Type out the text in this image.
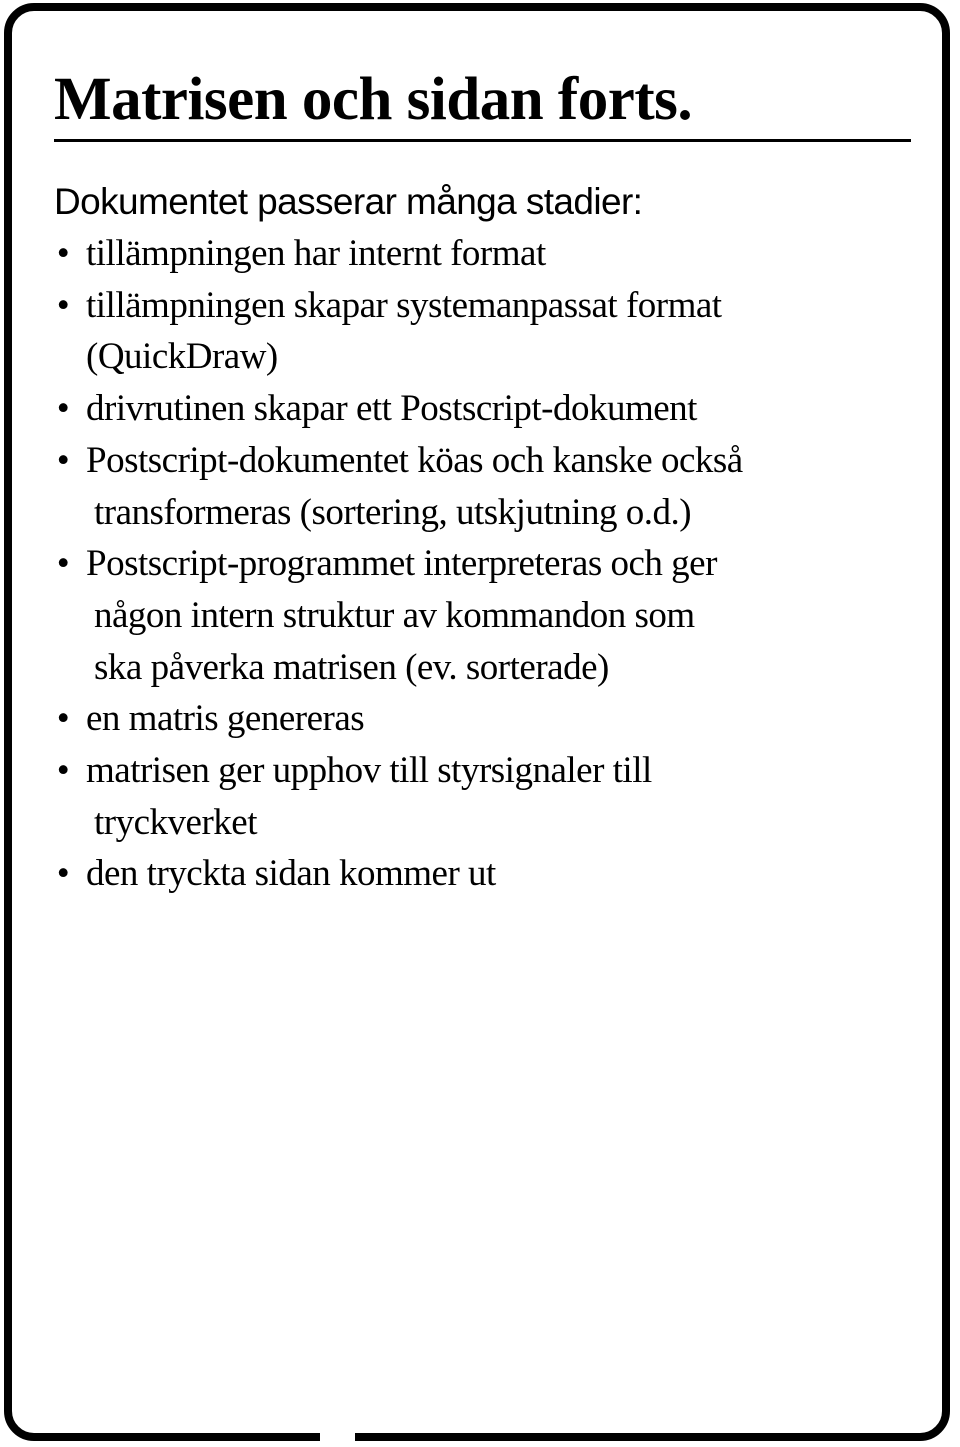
Matrisen och sidan forts.
Dokumentet passerar många stadier:
• tillämpningen har internt format
• tillämpningen skapar systemanpassat format
(QuickDraw)
• drivrutinen skapar ett Postscript-dokument
• Postscript-dokumentet köas och kanske också
transformeras (sortering, utskjutning o.d.)
• Postscript-programmet interpreteras och ger
någon intern struktur av kommandon som
ska påverka matrisen (ev. sorterade)
• en matris genereras
• matrisen ger upphov till styrsignaler till
tryckverket
• den tryckta sidan kommer ut
